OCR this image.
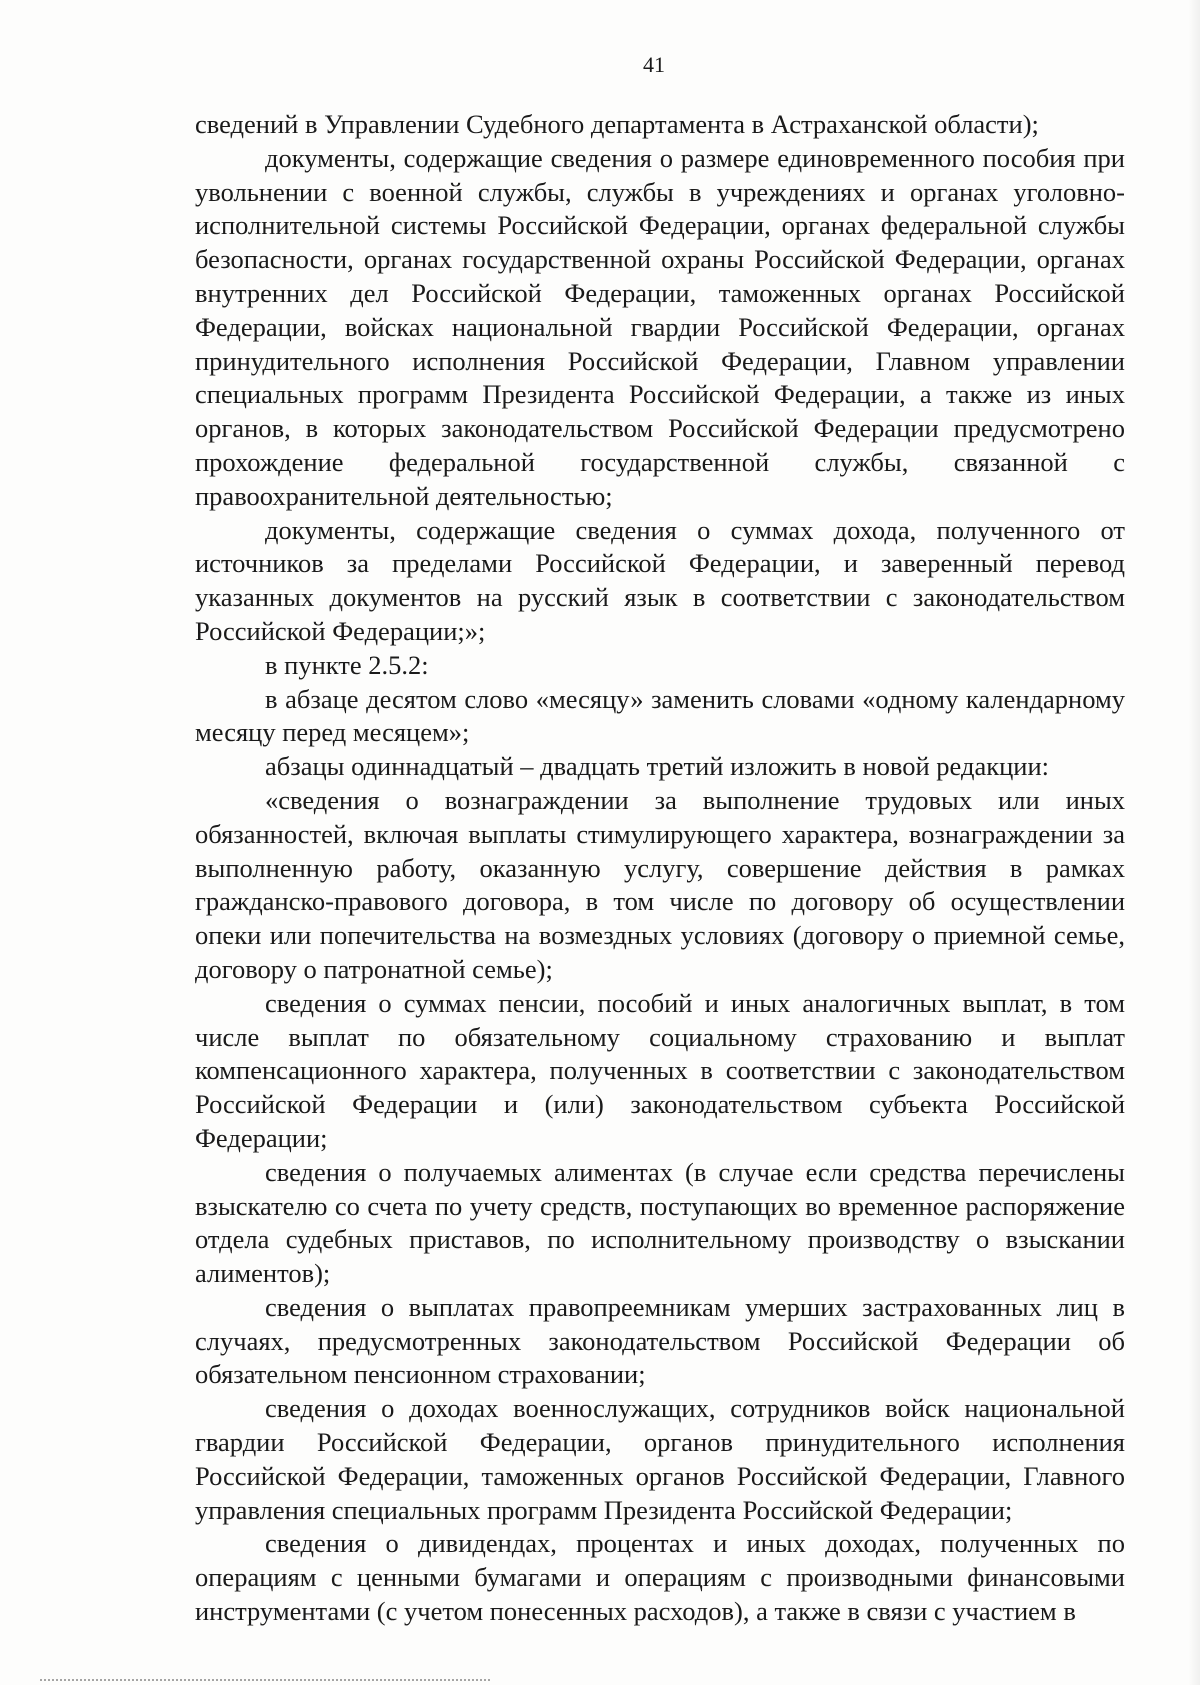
41

сведений в Управлении Судебного департамента в Астраханской области);

документы, содержащие сведения о размере единовременного пособия при увольнении с военной службы, службы в учреждениях и органах уголовно-исполнительной системы Российской Федерации, органах федеральной службы безопасности, органах государственной охраны Российской Федерации, органах внутренних дел Российской Федерации, таможенных органах Российской Федерации, войсках национальной гвардии Российской Федерации, органах принудительного исполнения Российской Федерации, Главном управлении специальных программ Президента Российской Федерации, а также из иных органов, в которых законодательством Российской Федерации предусмотрено прохождение федеральной государственной службы, связанной с правоохранительной деятельностью;

документы, содержащие сведения о суммах дохода, полученного от источников за пределами Российской Федерации, и заверенный перевод указанных документов на русский язык в соответствии с законодательством Российской Федерации;»;

в пункте 2.5.2:

в абзаце десятом слово «месяцу» заменить словами «одному календарному месяцу перед месяцем»;

абзацы одиннадцатый – двадцать третий изложить в новой редакции:

«сведения о вознаграждении за выполнение трудовых или иных обязанностей, включая выплаты стимулирующего характера, вознаграждении за выполненную работу, оказанную услугу, совершение действия в рамках гражданско-правового договора, в том числе по договору об осуществлении опеки или попечительства на возмездных условиях (договору о приемной семье, договору о патронатной семье);

сведения о суммах пенсии, пособий и иных аналогичных выплат, в том числе выплат по обязательному социальному страхованию и выплат компенсационного характера, полученных в соответствии с законодательством Российской Федерации и (или) законодательством субъекта Российской Федерации;

сведения о получаемых алиментах (в случае если средства перечислены взыскателю со счета по учету средств, поступающих во временное распоряжение отдела судебных приставов, по исполнительному производству о взыскании алиментов);

сведения о выплатах правопреемникам умерших застрахованных лиц в случаях, предусмотренных законодательством Российской Федерации об обязательном пенсионном страховании;

сведения о доходах военнослужащих, сотрудников войск национальной гвардии Российской Федерации, органов принудительного исполнения Российской Федерации, таможенных органов Российской Федерации, Главного управления специальных программ Президента Российской Федерации;

сведения о дивидендах, процентах и иных доходах, полученных по операциям с ценными бумагами и операциям с производными финансовыми инструментами (с учетом понесенных расходов), а также в связи с участием в
